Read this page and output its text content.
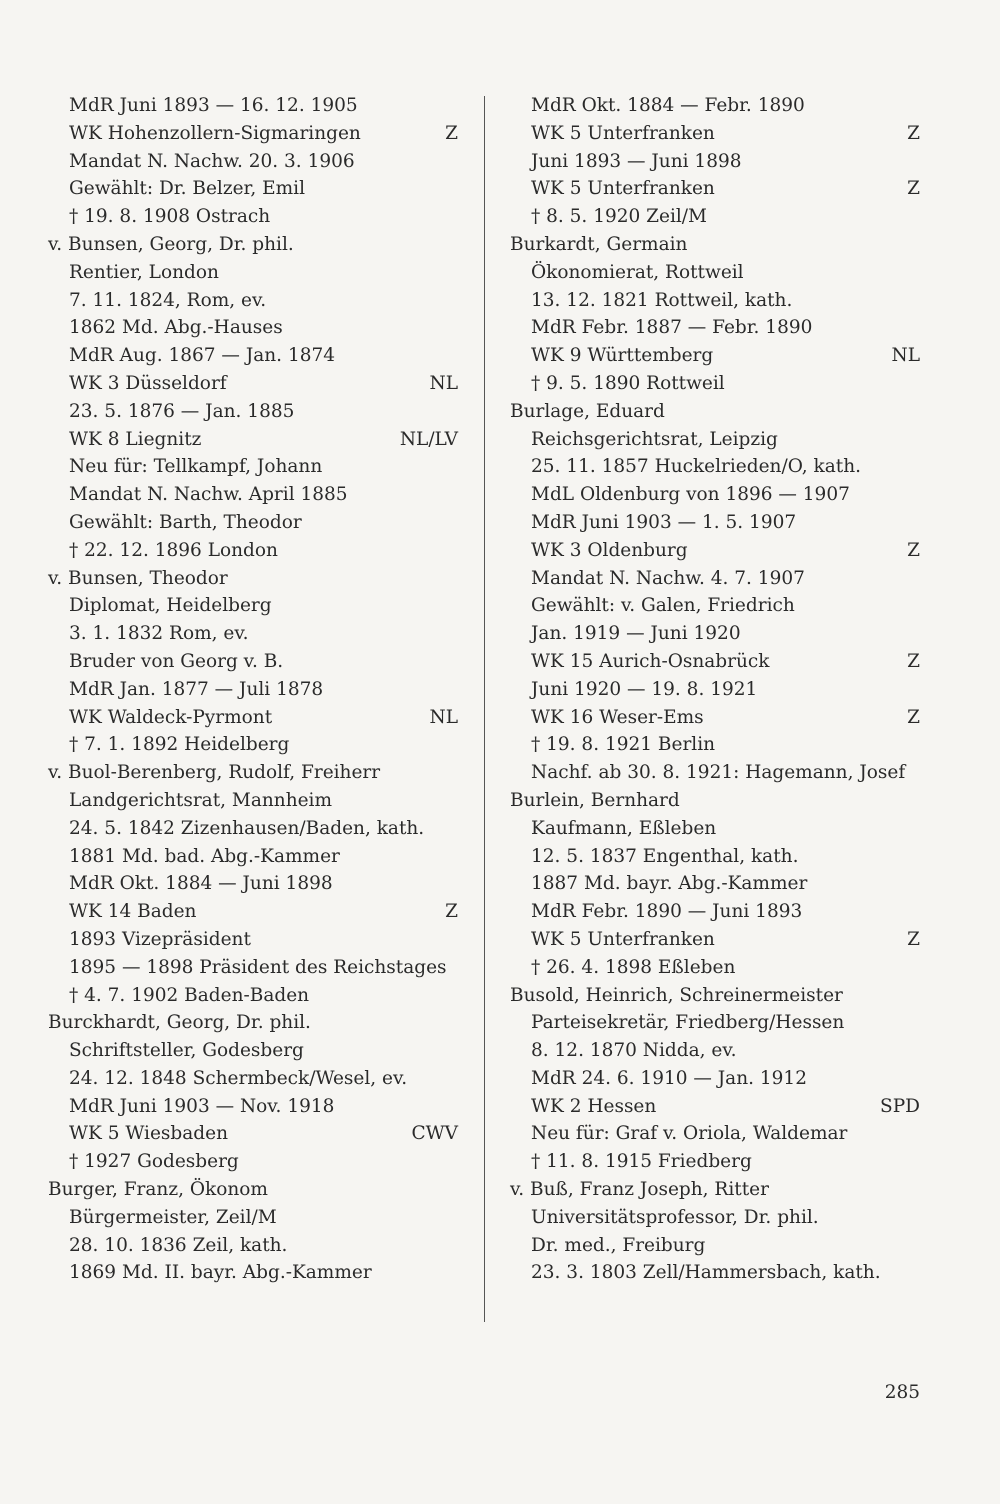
MdR Juni 1893 — 16. 12. 1905
WK Hohenzollern-Sigmaringen	Z
Mandat N. Nachw. 20. 3. 1906
Gewählt: Dr. Belzer, Emil
† 19. 8. 1908 Ostrach
v. Bunsen, Georg, Dr. phil.
Rentier, London
7. 11. 1824, Rom, ev.
1862 Md. Abg.-Hauses
MdR Aug. 1867 — Jan. 1874
WK 3 Düsseldorf	NL
23. 5. 1876 — Jan. 1885
WK 8 Liegnitz	NL/LV
Neu für: Tellkampf, Johann
Mandat N. Nachw. April 1885
Gewählt: Barth, Theodor
† 22. 12. 1896 London
v. Bunsen, Theodor
Diplomat, Heidelberg
3. 1. 1832 Rom, ev.
Bruder von Georg v. B.
MdR Jan. 1877 — Juli 1878
WK Waldeck-Pyrmont	NL
† 7. 1. 1892 Heidelberg
v. Buol-Berenberg, Rudolf, Freiherr
Landgerichtsrat, Mannheim
24. 5. 1842 Zizenhausen/Baden, kath.
1881 Md. bad. Abg.-Kammer
MdR Okt. 1884 — Juni 1898
WK 14 Baden	Z
1893 Vizepräsident
1895 — 1898 Präsident des Reichstages
† 4. 7. 1902 Baden-Baden
Burckhardt, Georg, Dr. phil.
Schriftsteller, Godesberg
24. 12. 1848 Schermbeck/Wesel, ev.
MdR Juni 1903 — Nov. 1918
WK 5 Wiesbaden	CWV
† 1927 Godesberg
Burger, Franz, Ökonom
Bürgermeister, Zeil/M
28. 10. 1836 Zeil, kath.
1869 Md. II. bayr. Abg.-Kammer
MdR Okt. 1884 — Febr. 1890
WK 5 Unterfranken	Z
Juni 1893 — Juni 1898
WK 5 Unterfranken	Z
† 8. 5. 1920 Zeil/M
Burkardt, Germain
Ökonomierat, Rottweil
13. 12. 1821 Rottweil, kath.
MdR Febr. 1887 — Febr. 1890
WK 9 Württemberg	NL
† 9. 5. 1890 Rottweil
Burlage, Eduard
Reichsgerichtsrat, Leipzig
25. 11. 1857 Huckelrieden/O, kath.
MdL Oldenburg von 1896 — 1907
MdR Juni 1903 — 1. 5. 1907
WK 3 Oldenburg	Z
Mandat N. Nachw. 4. 7. 1907
Gewählt: v. Galen, Friedrich
Jan. 1919 — Juni 1920
WK 15 Aurich-Osnabrück	Z
Juni 1920 — 19. 8. 1921
WK 16 Weser-Ems	Z
† 19. 8. 1921 Berlin
Nachf. ab 30. 8. 1921: Hagemann, Josef
Burlein, Bernhard
Kaufmann, Eßleben
12. 5. 1837 Engenthal, kath.
1887 Md. bayr. Abg.-Kammer
MdR Febr. 1890 — Juni 1893
WK 5 Unterfranken	Z
† 26. 4. 1898 Eßleben
Busold, Heinrich, Schreinermeister
Parteisekretär, Friedberg/Hessen
8. 12. 1870 Nidda, ev.
MdR 24. 6. 1910 — Jan. 1912
WK 2 Hessen	SPD
Neu für: Graf v. Oriola, Waldemar
† 11. 8. 1915 Friedberg
v. Buß, Franz Joseph, Ritter
Universitätsprofessor, Dr. phil.
Dr. med., Freiburg
23. 3. 1803 Zell/Hammersbach, kath.
285
